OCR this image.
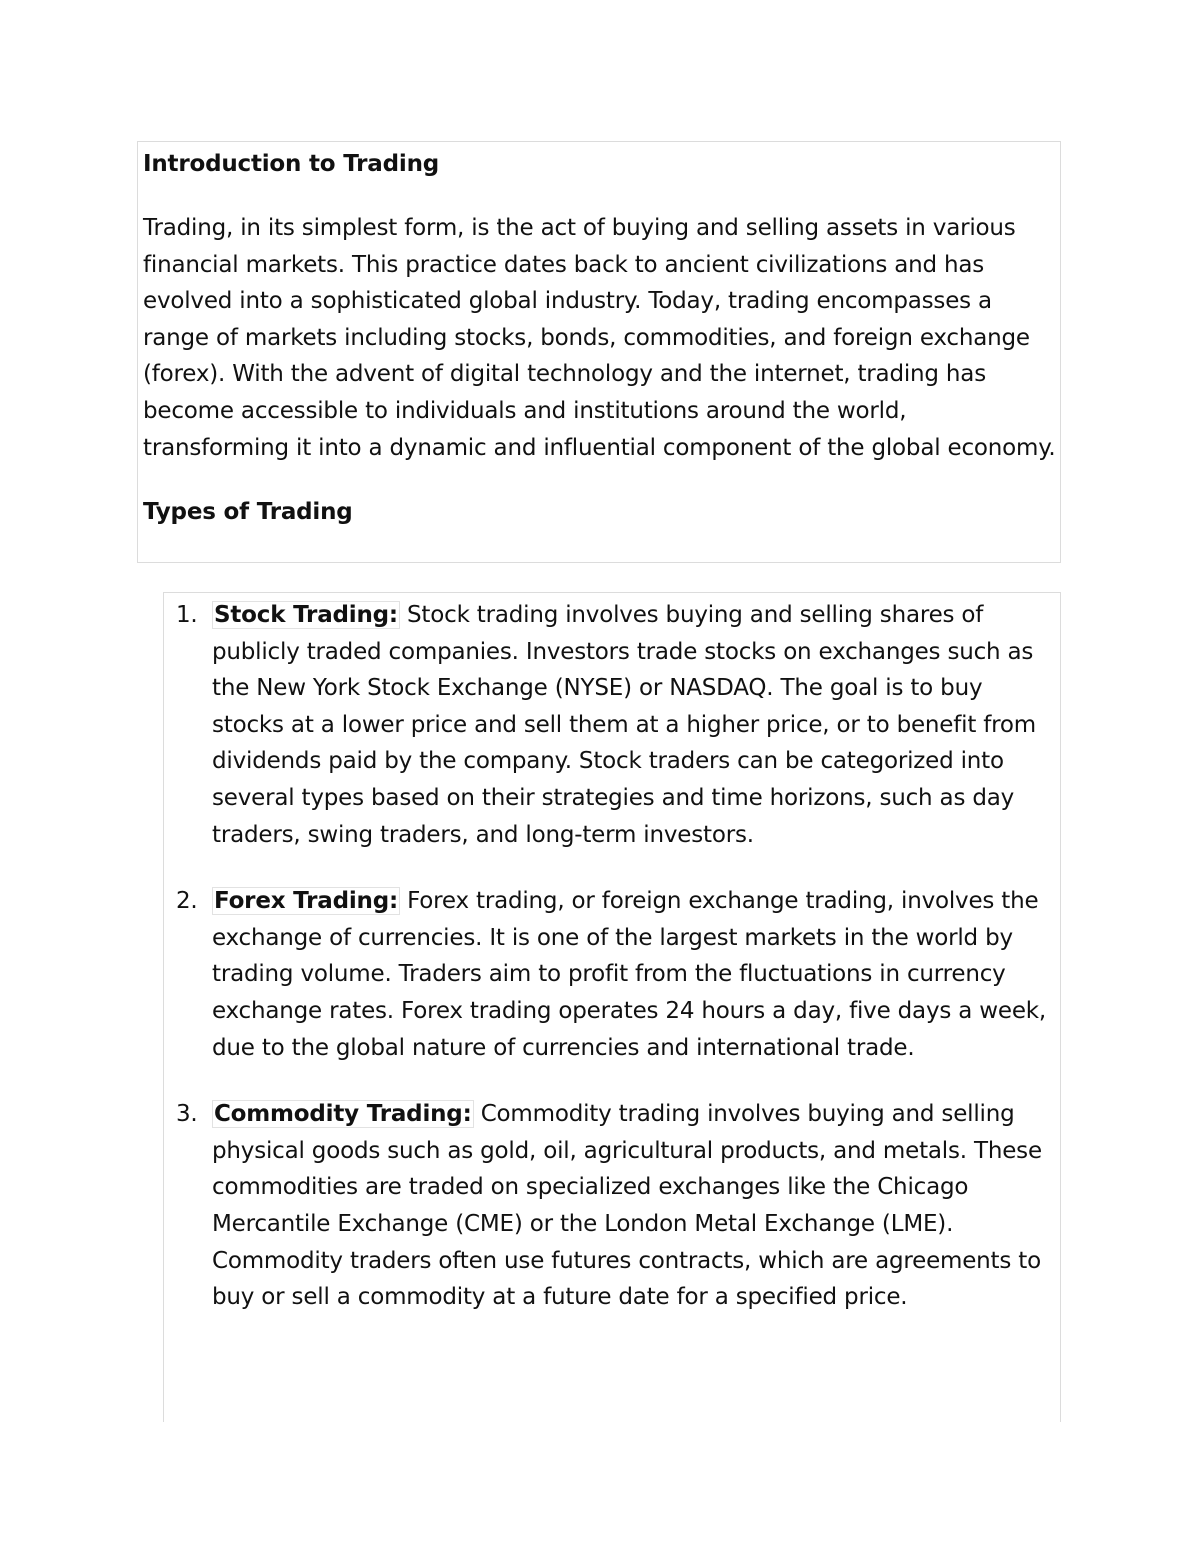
Introduction to Trading

Trading, in its simplest form, is the act of buying and selling assets in various financial markets. This practice dates back to ancient civilizations and has evolved into a sophisticated global industry. Today, trading encompasses a range of markets including stocks, bonds, commodities, and foreign exchange (forex). With the advent of digital technology and the internet, trading has become accessible to individuals and institutions around the world, transforming it into a dynamic and influential component of the global economy.

Types of Trading
1. Stock Trading: Stock trading involves buying and selling shares of publicly traded companies. Investors trade stocks on exchanges such as the New York Stock Exchange (NYSE) or NASDAQ. The goal is to buy stocks at a lower price and sell them at a higher price, or to benefit from dividends paid by the company. Stock traders can be categorized into several types based on their strategies and time horizons, such as day traders, swing traders, and long-term investors.
2. Forex Trading: Forex trading, or foreign exchange trading, involves the exchange of currencies. It is one of the largest markets in the world by trading volume. Traders aim to profit from the fluctuations in currency exchange rates. Forex trading operates 24 hours a day, five days a week, due to the global nature of currencies and international trade.
3. Commodity Trading: Commodity trading involves buying and selling physical goods such as gold, oil, agricultural products, and metals. These commodities are traded on specialized exchanges like the Chicago Mercantile Exchange (CME) or the London Metal Exchange (LME). Commodity traders often use futures contracts, which are agreements to buy or sell a commodity at a future date for a specified price.
